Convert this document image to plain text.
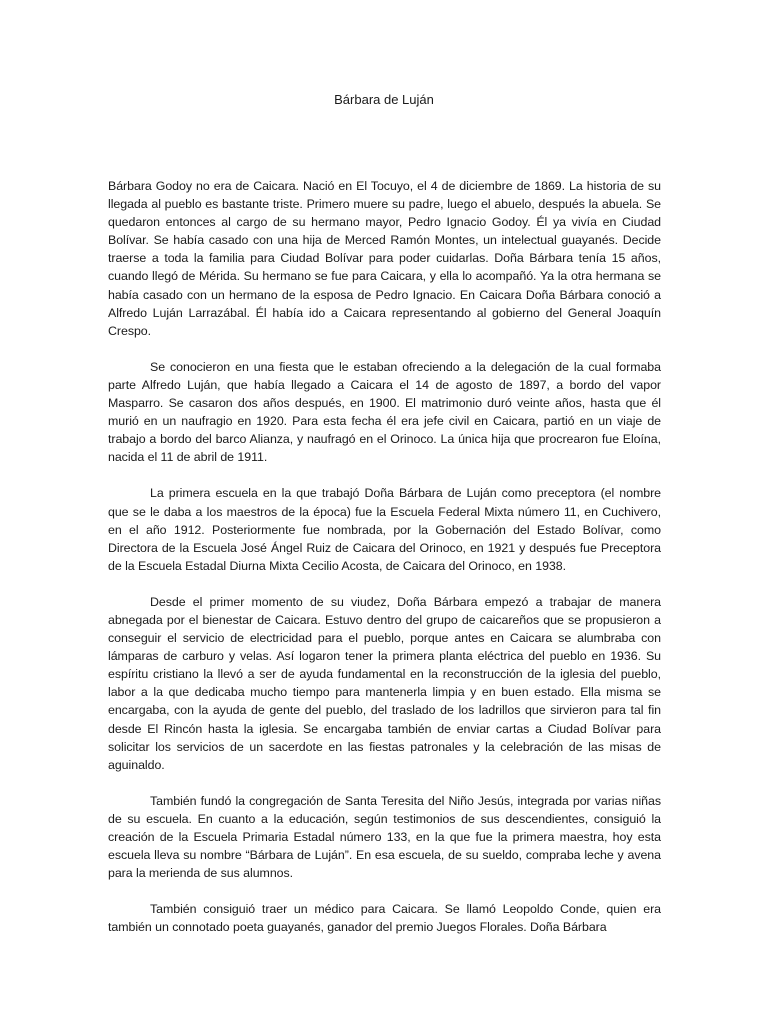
Bárbara de Luján

Bárbara Godoy no era de Caicara. Nació en El Tocuyo, el 4 de diciembre de 1869. La historia de su llegada al pueblo es bastante triste. Primero muere su padre, luego el abuelo, después la abuela. Se quedaron entonces al cargo de su hermano mayor, Pedro Ignacio Godoy. Él ya vivía en Ciudad Bolívar. Se había casado con una hija de Merced Ramón Montes, un intelectual guayanés. Decide traerse a toda la familia para Ciudad Bolívar para poder cuidarlas. Doña Bárbara tenía 15 años, cuando llegó de Mérida. Su hermano se fue para Caicara, y ella lo acompañó. Ya la otra hermana se había casado con un hermano de la esposa de Pedro Ignacio. En Caicara Doña Bárbara conoció a Alfredo Luján Larrazábal. Él había ido a Caicara representando al gobierno del General Joaquín Crespo.

Se conocieron en una fiesta que le estaban ofreciendo a la delegación de la cual formaba parte Alfredo Luján, que había llegado a Caicara el 14 de agosto de 1897, a bordo del vapor Masparro. Se casaron dos años después, en 1900. El matrimonio duró veinte años, hasta que él murió en un naufragio en 1920. Para esta fecha él era jefe civil en Caicara, partió en un viaje de trabajo a bordo del barco Alianza, y naufragó en el Orinoco. La única hija que procrearon fue Eloína, nacida el 11 de abril de 1911.

La primera escuela en la que trabajó Doña Bárbara de Luján como preceptora (el nombre que se le daba a los maestros de la época) fue la Escuela Federal Mixta número 11, en Cuchivero, en el año 1912. Posteriormente fue nombrada, por la Gobernación del Estado Bolívar, como Directora de la Escuela José Ángel Ruiz de Caicara del Orinoco, en 1921 y después fue Preceptora de la Escuela Estadal Diurna Mixta Cecilio Acosta, de Caicara del Orinoco, en 1938.

Desde el primer momento de su viudez, Doña Bárbara empezó a trabajar de manera abnegada por el bienestar de Caicara. Estuvo dentro del grupo de caicareños que se propusieron a conseguir el servicio de electricidad para el pueblo, porque antes en Caicara se alumbraba con lámparas de carburo y velas. Así logaron tener la primera planta eléctrica del pueblo en 1936. Su espíritu cristiano la llevó a ser de ayuda fundamental en la reconstrucción de la iglesia del pueblo, labor a la que dedicaba mucho tiempo para mantenerla limpia y en buen estado. Ella misma se encargaba, con la ayuda de gente del pueblo, del traslado de los ladrillos que sirvieron para tal fin desde El Rincón hasta la iglesia. Se encargaba también de enviar cartas a Ciudad Bolívar para solicitar los servicios de un sacerdote en las fiestas patronales y la celebración de las misas de aguinaldo.

También fundó la congregación de Santa Teresita del Niño Jesús, integrada por varias niñas de su escuela. En cuanto a la educación, según testimonios de sus descendientes, consiguió la creación de la Escuela Primaria Estadal número 133, en la que fue la primera maestra, hoy esta escuela lleva su nombre “Bárbara de Luján”. En esa escuela, de su sueldo, compraba leche y avena para la merienda de sus alumnos.

También consiguió traer un médico para Caicara. Se llamó Leopoldo Conde, quien era también un connotado poeta guayanés, ganador del premio Juegos Florales. Doña Bárbara
